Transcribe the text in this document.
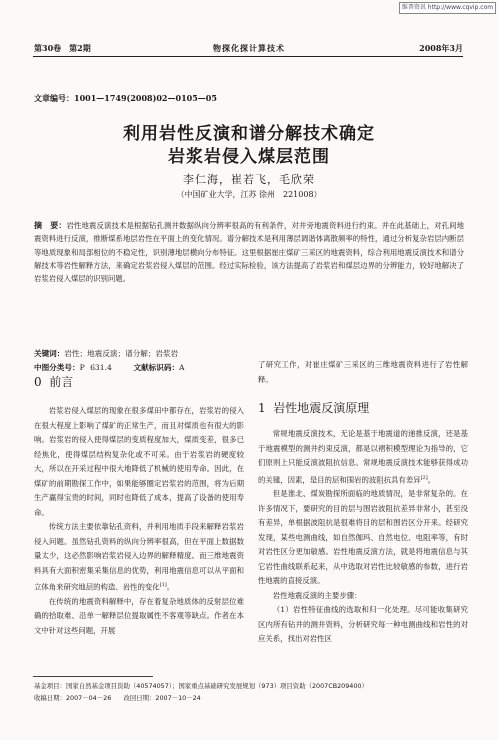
维普资讯 http://www.cqvip.com
第30卷　第2期	物探化探计算技术	2008年3月
文章编号：1001—1749(2008)02—0105—05
利用岩性反演和谱分解技术确定
岩浆岩侵入煤层范围
李仁海，崔若飞，毛欣荣
（中国矿业大学，江苏 徐州　221008）
摘　要：岩性地震反演技术是根据钻孔测井数据纵向分辨率很高的有利条件，对井旁地震资料进行约束。并在此基础上，对孔间地震资料进行反演，推断煤系地层岩性在平面上的变化情况。谱分解技术是利用薄层调谐体离散频率的特性，通过分析复杂岩层内断层等地质现象和局部相位的不稳定性，识别薄地层横向分布特征。这里根据崔庄煤矿三采区的地震资料，综合利用地震反演技术和谱分解技术等岩性解释方法，来确定岩浆岩侵入煤层的范围。经过实际检验，该方法提高了岩浆岩和煤层边界的分辨能力，较好地解决了岩浆岩侵入煤层的识别问题。
关键词：岩性；地震反演；谱分解；岩浆岩
中图分类号：P 631.4	文献标识码：A
0 前言

岩浆岩侵入煤层的现象在很多煤田中都存在，岩浆岩的侵入在很大程度上影响了煤矿的正常生产，而且对煤质也有很大的影响。岩浆岩的侵入使得煤层的变质程度加大，煤质变差，很多已经焦化，使得煤层结构复杂化或不可采。由于岩浆岩的硬度较大，所以在开采过程中很大地降低了机械的使用寿命。因此，在煤矿的前期勘探工作中，如果能够圈定岩浆岩的范围，将为后期生产赢得宝贵的时间，同时也降低了成本，提高了设备的使用寿命。

传统方法主要依靠钻孔资料，并利用地质手段来解释岩浆岩侵入问题。虽然钻孔资料的纵向分辨率很高，但在平面上数据数量太少，这必然影响岩浆岩侵入边界的解释精度。而三维地震资料具有大面积密集采集信息的优势，利用地震信息可以从平面和立体角来研究地层的构造、岩性的变化[1]。

在传统的地震资料解释中，存在着复杂地质体的反射层位难确的拾取难、沿单一解释层位提取属性不客观等缺点。作者在本文中针对这些问题，开展

了研究工作，对崔庄煤矿三采区的三维地震资料进行了岩性解释。
1 岩性地震反演原理

常规地震反演技术，无论是基于地震道的递推反演，还是基于地震模型的测井约束反演，都是以褶积模型理论为指导的，它们原则上只能反演波阻抗信息。常规地震反演技术能够获得成功的关键，因素，是目的层和围岩的波阻抗具有差异[2]。

但是淮北、煤炭勘探所面临的地质情况，是非常复杂的。在许多情况下，要研究的目的层与围岩波阻抗差异非常小，甚至没有差异，单根据波阻抗是很难将目的层和围岩区分开来。经研究发现，某些电测曲线，如自然伽玛、自然电位、电阻率等，有时对岩性区分更加敏感。岩性地震反演方法，就是将地震信息与其它岩性曲线联系起来，从中选取对岩性比较敏感的参数，进行岩性地震的直接反演。

岩性地震反演的主要步骤：

（1）岩性特征曲线的选取和归一化处理。尽可能收集研究区内所有钻井的测井资料，分析研究每一种电测曲线和岩性的对应关系，找出对岩性区

基金项目：国家自然基金项目资助（40574057）；国家重点基础研究发展规划（973）项目资助（2007CB209400）
收稿日期：2007－04－26 改回日期：2007－10－24
